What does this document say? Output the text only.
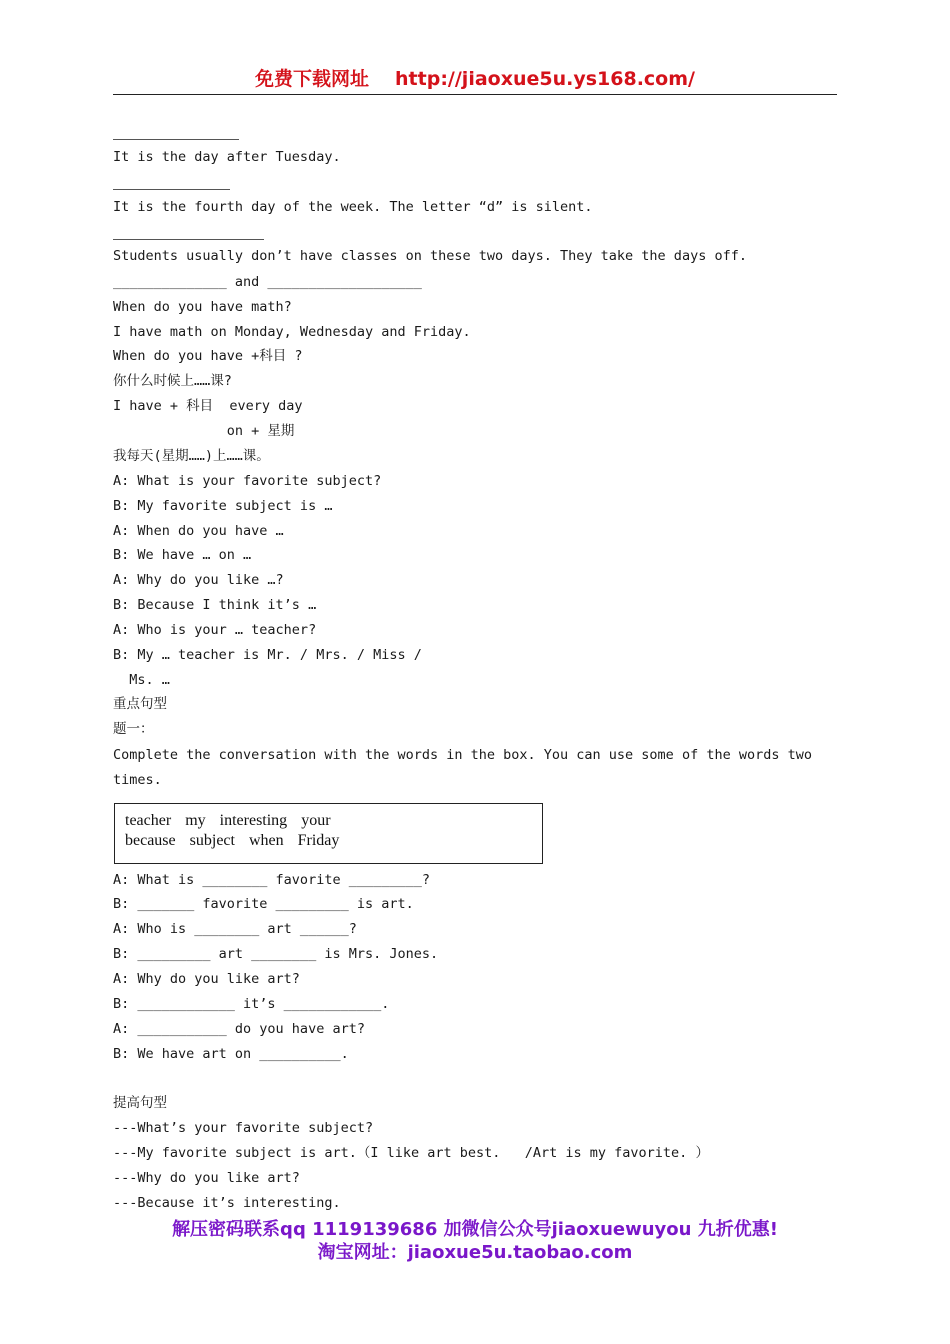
免费下载网址 http://jiaoxue5u.ys168.com/
It is the day after Tuesday.
It is the fourth day of the week. The letter “d” is silent.
Students usually don’t have classes on these two days. They take the days off.
______________ and ___________________
When do you have math?
I have math on Monday, Wednesday and Friday.
When do you have +科目 ?
你什么时候上……课?
I have + 科目  every day
on + 星期
我每天(星期……)上……课。
A: What is your favorite subject?
B: My favorite subject is …
A: When do you have …
B: We have … on …
A: Why do you like …?
B: Because I think it’s …
A: Who is your … teacher?
B: My … teacher is Mr. / Mrs. / Miss /
Ms. …
重点句型
题一：
Complete the conversation with the words in the box. You can use some of the words two
times.
teacher my interesting your
because subject when Friday
A: What is ________ favorite _________?
B: _______ favorite _________ is art.
A: Who is ________ art ______?
B: _________ art ________ is Mrs. Jones.
A: Why do you like art?
B: ____________ it’s ____________.
A: ___________ do you have art?
B: We have art on __________.
提高句型
---What’s your favorite subject?
---My favorite subject is art.（I like art best.   /Art is my favorite. ）
---Why do you like art?
---Because it’s interesting.
解压密码联系qq 1119139686 加微信公众号jiaoxuewuyou 九折优惠!
淘宝网址：jiaoxue5u.taobao.com
